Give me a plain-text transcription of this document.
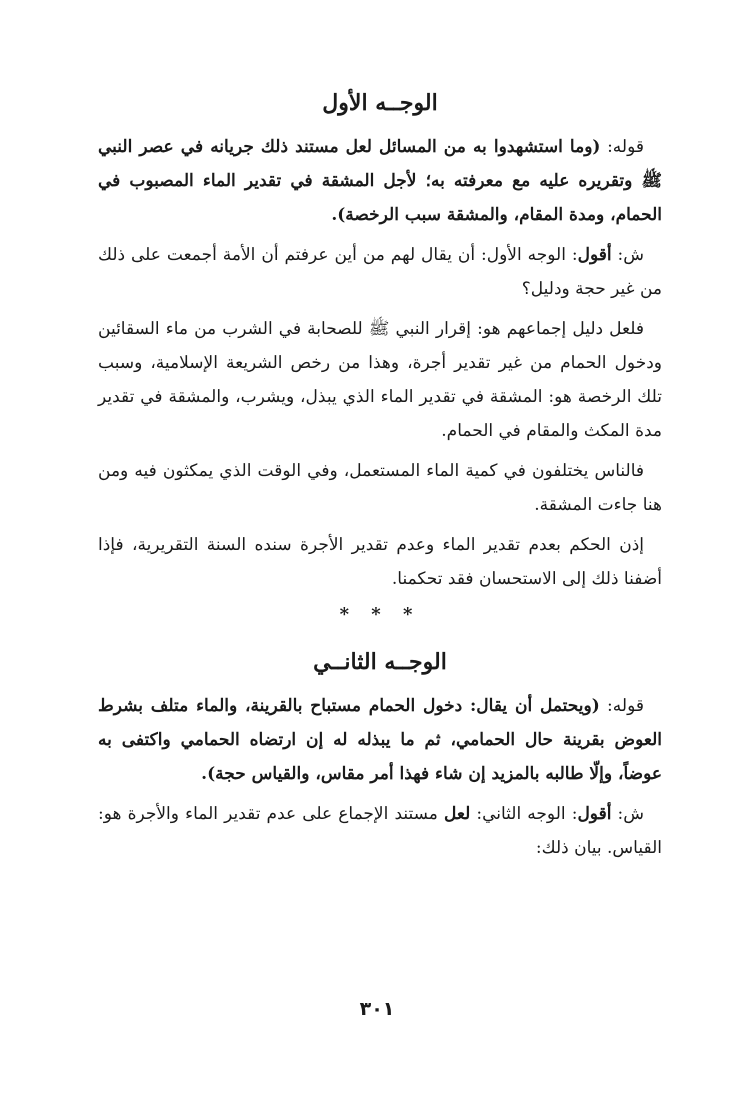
الوجــه الأول

قوله: (وما استشهدوا به من المسائل لعل مستند ذلك جريانه في عصر النبي ﷺ وتقريره عليه مع معرفته به؛ لأجل المشقة في تقدير الماء المصبوب في الحمام، ومدة المقام، والمشقة سبب الرخصة).

ش: أقول: الوجه الأول: أن يقال لهم من أين عرفتم أن الأمة أجمعت على ذلك من غير حجة ودليل؟

فلعل دليل إجماعهم هو: إقرار النبي ﷺ للصحابة في الشرب من ماء السقائين ودخول الحمام من غير تقدير أجرة، وهذا من رخص الشريعة الإسلامية، وسبب تلك الرخصة هو: المشقة في تقدير الماء الذي يبذل، ويشرب، والمشقة في تقدير مدة المكث والمقام في الحمام.

فالناس يختلفون في كمية الماء المستعمل، وفي الوقت الذي يمكثون فيه ومن هنا جاءت المشقة.

إذن الحكم بعدم تقدير الماء وعدم تقدير الأجرة سنده السنة التقريرية، فإذا أضفنا ذلك إلى الاستحسان فقد تحكمنا.

* * *
الوجــه الثانــي

قوله: (ويحتمل أن يقال: دخول الحمام مستباح بالقرينة، والماء متلف بشرط العوض بقرينة حال الحمامي، ثم ما يبذله له إن ارتضاه الحمامي واكتفى به عوضاً، وإلّا طالبه بالمزيد إن شاء فهذا أمر مقاس، والقياس حجة).

ش: أقول: الوجه الثاني: لعل مستند الإجماع على عدم تقدير الماء والأجرة هو: القياس. بيان ذلك:

٣٠١
